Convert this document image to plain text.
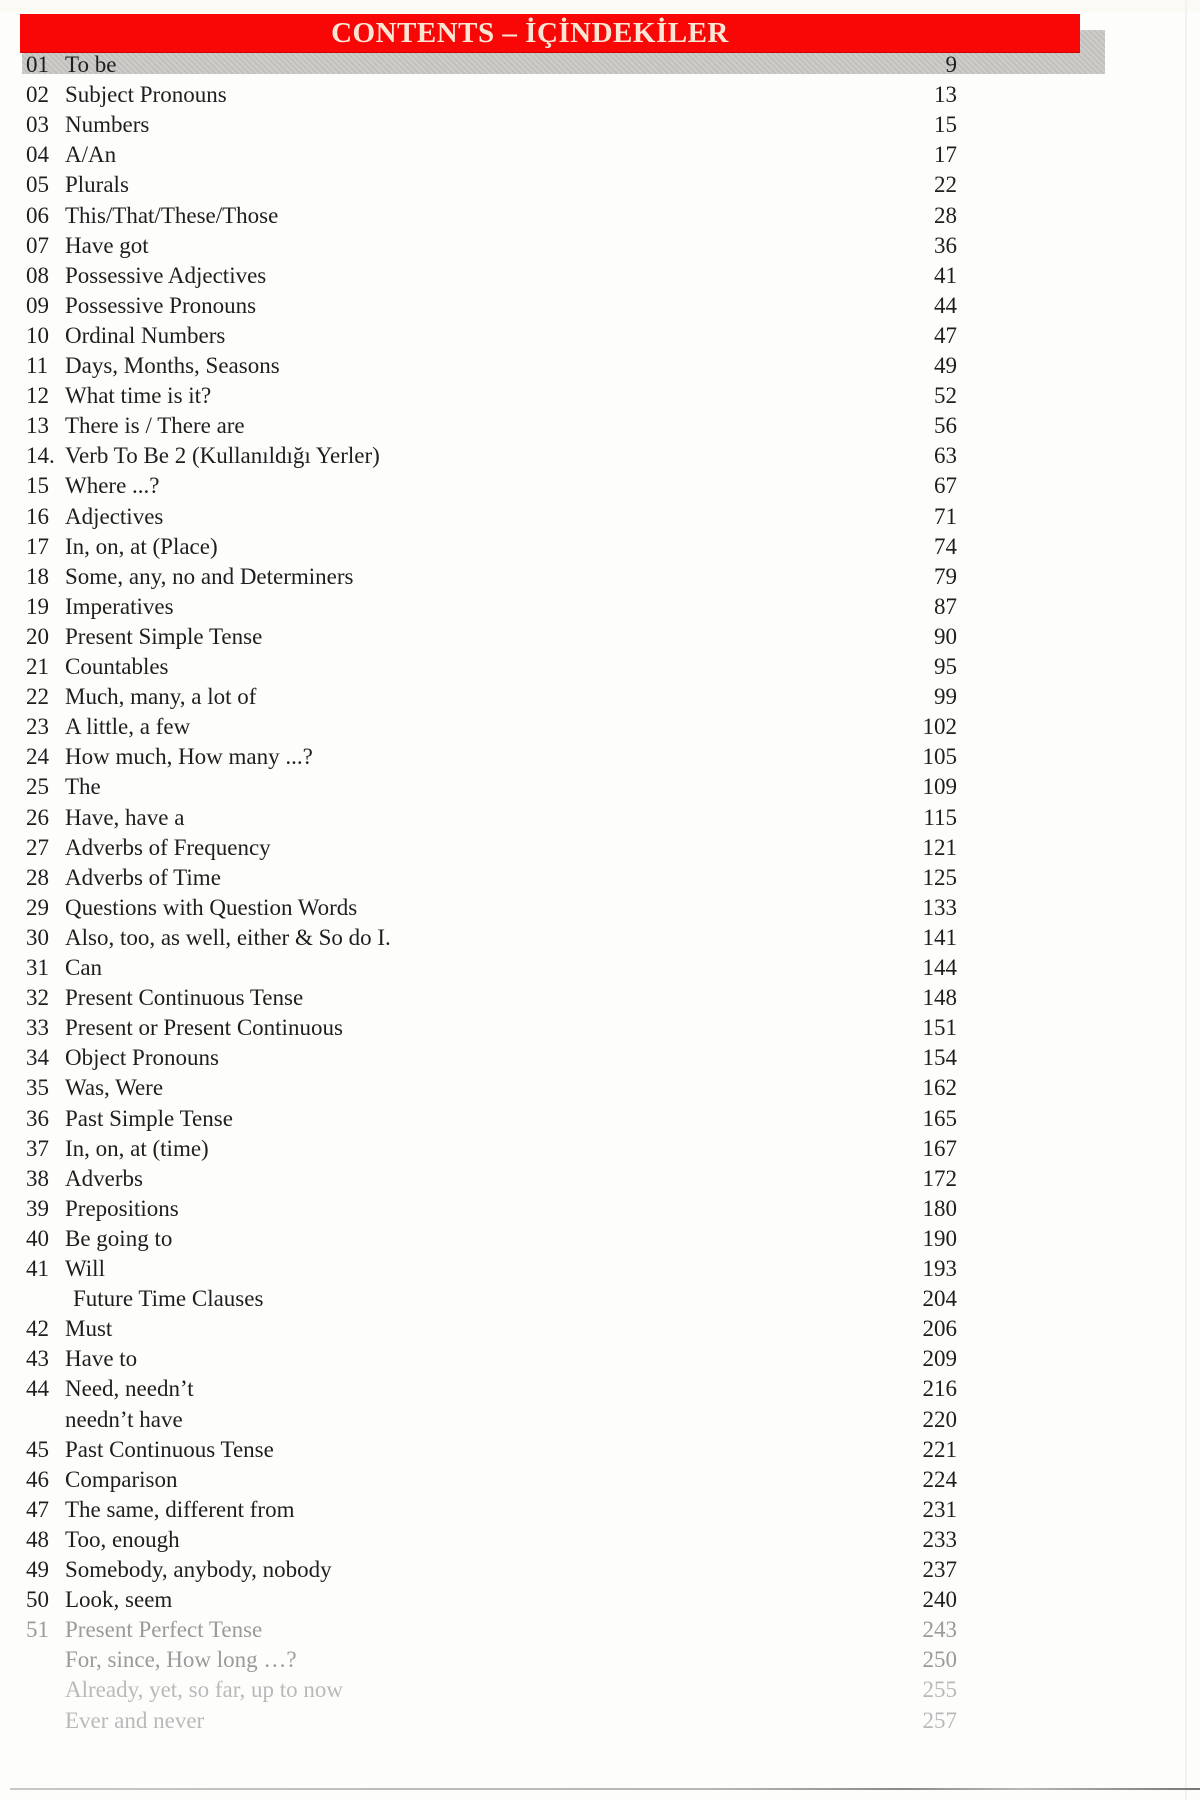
CONTENTS – İÇİNDEKİLER
01 To be	9
02 Subject Pronouns	13
03 Numbers	15
04 A/An	17
05 Plurals	22
06 This/That/These/Those	28
07 Have got	36
08 Possessive Adjectives	41
09 Possessive Pronouns	44
10 Ordinal Numbers	47
11 Days, Months, Seasons	49
12 What time is it?	52
13 There is / There are	56
14. Verb To Be 2 (Kullanıldığı Yerler)	63
15 Where ...?	67
16 Adjectives	71
17 In, on, at (Place)	74
18 Some, any, no and Determiners	79
19 Imperatives	87
20 Present Simple Tense	90
21 Countables	95
22 Much, many, a lot of	99
23 A little, a few	102
24 How much, How many ...?	105
25 The	109
26 Have, have a	115
27 Adverbs of Frequency	121
28 Adverbs of Time	125
29 Questions with Question Words	133
30 Also, too, as well, either & So do I.	141
31 Can	144
32 Present Continuous Tense	148
33 Present or Present Continuous	151
34 Object Pronouns	154
35 Was, Were	162
36 Past Simple Tense	165
37 In, on, at (time)	167
38 Adverbs	172
39 Prepositions	180
40 Be going to	190
41 Will	193
Future Time Clauses	204
42 Must	206
43 Have to	209
44 Need, needn’t	216
needn’t have	220
45 Past Continuous Tense	221
46 Comparison	224
47 The same, different from	231
48 Too, enough	233
49 Somebody, anybody, nobody	237
50 Look, seem	240
51 Present Perfect Tense	243
For, since, How long …?	250
Already, yet, so far, up to now	255
Ever and never	257
